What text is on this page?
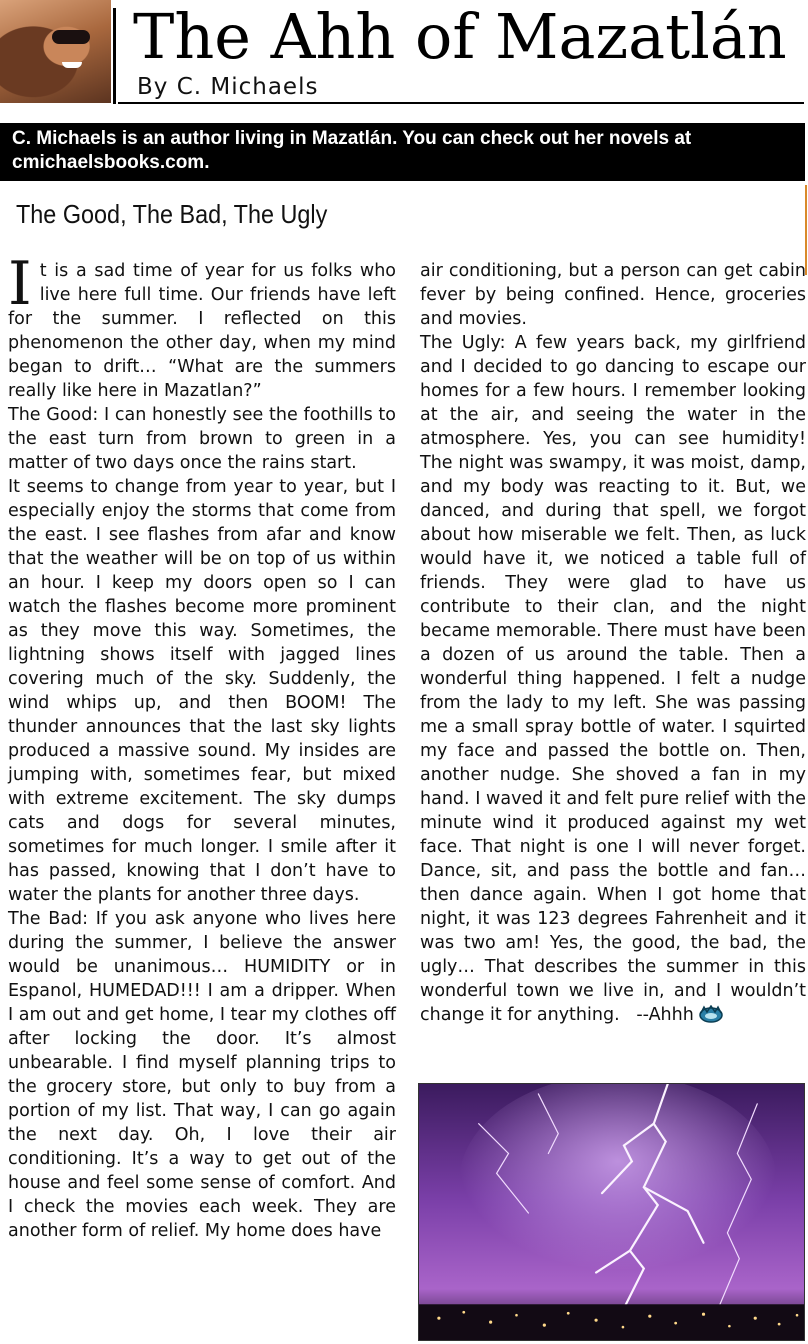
The Ahh of Mazatlán
By C. Michaels
C. Michaels is an author living in Mazatlán. You can check out her novels at cmichaelsbooks.com.
The Good, The Bad, The Ugly
I t is a sad time of year for us folks who live here full time. Our friends have left for the summer. I reflected on this phenomenon the other day, when my mind began to drift… “What are the summers really like here in Mazatlan?”

The Good: I can honestly see the foothills to the east turn from brown to green in a matter of two days once the rains start.

It seems to change from year to year, but I especially enjoy the storms that come from the east. I see flashes from afar and know that the weather will be on top of us within an hour. I keep my doors open so I can watch the flashes become more prominent as they move this way. Sometimes, the lightning shows itself with jagged lines covering much of the sky. Suddenly, the wind whips up, and then BOOM! The thunder announces that the last sky lights produced a massive sound. My insides are jumping with, sometimes fear, but mixed with extreme excitement. The sky dumps cats and dogs for several minutes, sometimes for much longer. I smile after it has passed, knowing that I don’t have to water the plants for another three days.

The Bad: If you ask anyone who lives here during the summer, I believe the answer would be unanimous… HUMIDITY or in Espanol, HUMEDAD!!! I am a dripper. When I am out and get home, I tear my clothes off after locking the door. It’s almost unbearable. I find myself planning trips to the grocery store, but only to buy from a portion of my list. That way, I can go again the next day. Oh, I love their air conditioning. It’s a way to get out of the house and feel some sense of comfort. And I check the movies each week. They are another form of relief. My home does have

air conditioning, but a person can get cabin fever by being confined. Hence, groceries and movies.

The Ugly: A few years back, my girlfriend and I decided to go dancing to escape our homes for a few hours. I remember looking at the air, and seeing the water in the atmosphere. Yes, you can see humidity! The night was swampy, it was moist, damp, and my body was reacting to it. But, we danced, and during that spell, we forgot about how miserable we felt. Then, as luck would have it, we noticed a table full of friends. They were glad to have us contribute to their clan, and the night became memorable. There must have been a dozen of us around the table. Then a wonderful thing happened. I felt a nudge from the lady to my left. She was passing me a small spray bottle of water. I squirted my face and passed the bottle on. Then, another nudge. She shoved a fan in my hand. I waved it and felt pure relief with the minute wind it produced against my wet face. That night is one I will never forget. Dance, sit, and pass the bottle and fan… then dance again. When I got home that night, it was 123 degrees Fahrenheit and it was two am! Yes, the good, the bad, the ugly… That describes the summer in this wonderful town we live in, and I wouldn’t change it for anything. --Ahhh
